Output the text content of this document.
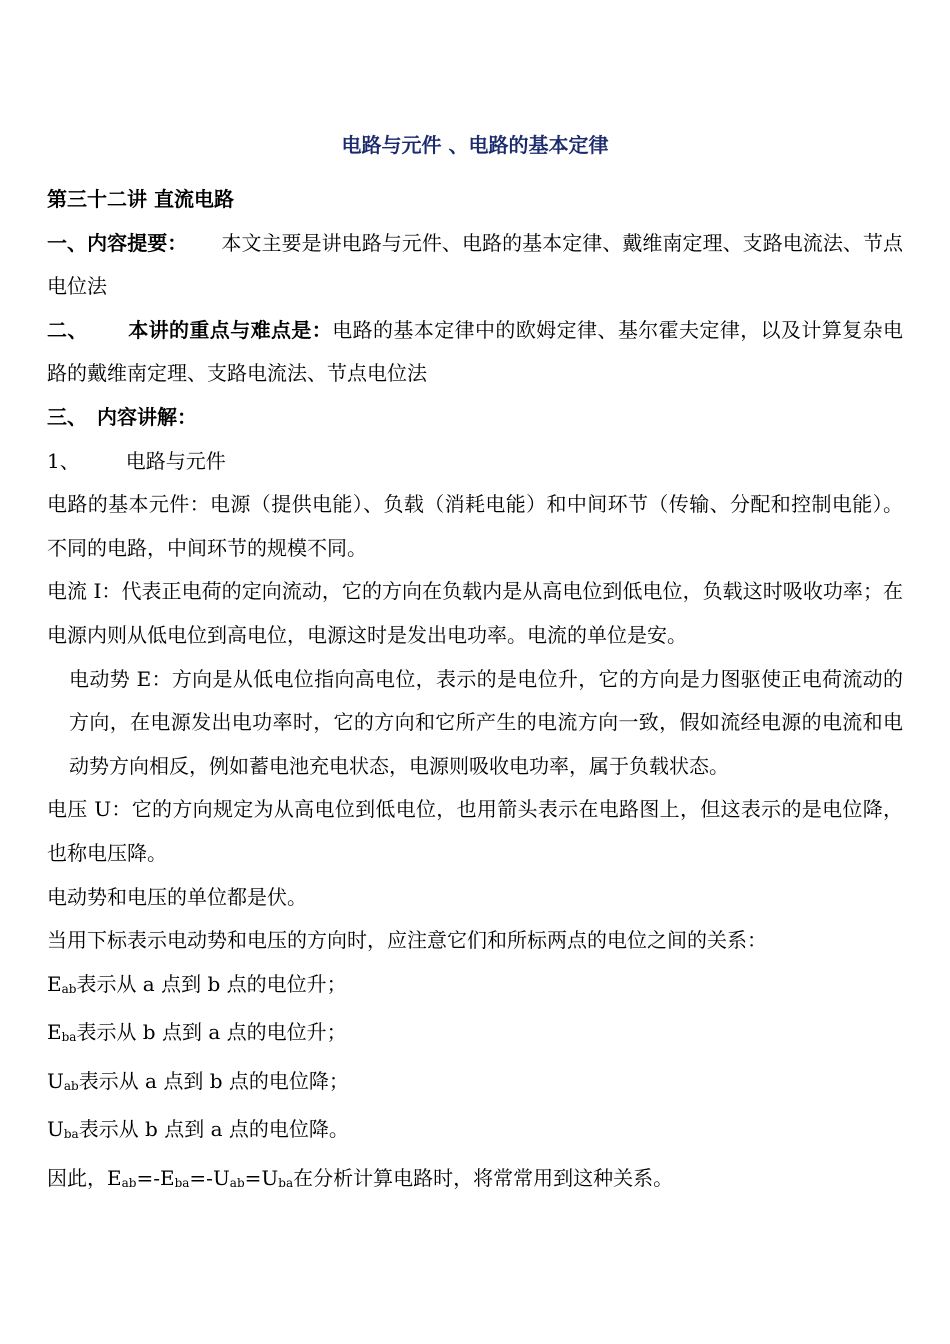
电路与元件 、电路的基本定律

第三十二讲 直流电路

一、内容提要： 本文主要是讲电路与元件、电路的基本定律、戴维南定理、支路电流法、节点电位法

二、 本讲的重点与难点是：电路的基本定律中的欧姆定律、基尔霍夫定律，以及计算复杂电路的戴维南定理、支路电流法、节点电位法

三、 内容讲解：

1、 电路与元件

电路的基本元件：电源（提供电能）、负载（消耗电能）和中间环节（传输、分配和控制电能）。不同的电路，中间环节的规模不同。

电流 I：代表正电荷的定向流动，它的方向在负载内是从高电位到低电位，负载这时吸收功率；在电源内则从低电位到高电位，电源这时是发出电功率。电流的单位是安。

电动势 E：方向是从低电位指向高电位，表示的是电位升，它的方向是力图驱使正电荷流动的方向，在电源发出电功率时，它的方向和它所产生的电流方向一致，假如流经电源的电流和电动势方向相反，例如蓄电池充电状态，电源则吸收电功率，属于负载状态。

电压 U：它的方向规定为从高电位到低电位，也用箭头表示在电路图上，但这表示的是电位降，也称电压降。

电动势和电压的单位都是伏。

当用下标表示电动势和电压的方向时，应注意它们和所标两点的电位之间的关系：

Eab表示从 a 点到 b 点的电位升；

Eba表示从 b 点到 a 点的电位升；

Uab表示从 a 点到 b 点的电位降；

Uba表示从 b 点到 a 点的电位降。

因此，Eab=-Eba=-Uab=Uba在分析计算电路时，将常常用到这种关系。
